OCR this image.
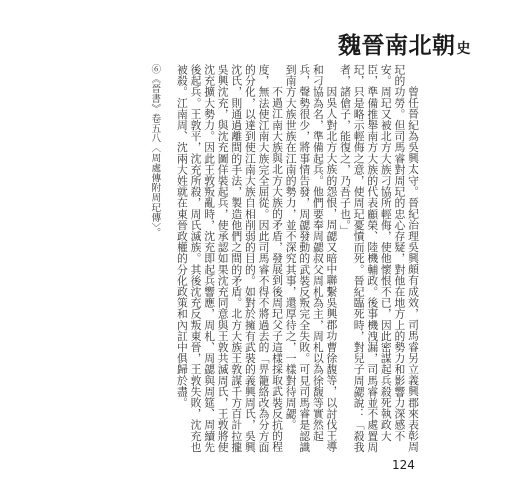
魏晉南北朝史

曾任晉紀為吳興太守。晉紀治理吳興頗有成效，司馬睿另立義興郡來表彰周玘的功勞。但司馬睿對周玘的忠心存疑，對他在地方上的勢力和影響力深感不安。周玘又被北方大族刁協所輕侮，使他懷恨不已，因此密謀起兵殺死執政大臣，準備推舉南方大族的代表顧榮、陸機輔政。後事機洩漏，司馬睿並不處置周玘，只是略示輕侮之意，使周玘憂憤而死。晉紀臨死時，對兒子周勰說：「殺我者，諸傖子，能復之，乃吾子也。」

因吳人對北方大族的怨恨，周勰又暗中聯繫吳興郡功曹徐馥等，以討伐王導和刁協為名，準備起兵。他們要奉周勰叔父周札為主，周札以為徐馥等實然起兵，聲勢很少，將事情告發，周勰發動的武裝反叛完全失敗。可見司馬睿是認識到南方大族世族在江南的勢力，並不深究其事，還厚待之，一樣對待周勰。

不過江南大族與北方大族的矛盾，發展到後周玘父子這樣採取武裝反抗的程度，無法使江南大族完全屈從。因此司馬睿不得不將過去的「畀籠絡改為分方面的分化，以達到使江南大族自相削弱的目的。如對於擁有武裝的義興周氏，吳興沈氏，則通過離間的手法，製造他們之間的矛盾。北方大族王敦謀千方百計拉攏吳興沈充，與沈充圖佯裝起兵，使承認如果沈充同意與王敦共滅周氏，王敦將使沈充擴大勢力。因此王敦叛亂時，沈充即起兵響應，周札、周勰與周筵、周續先後起兵。王敦平，沈充所殺，周氏滅族。其後沈充反叛東晉，王敦失敗，沈充也被殺。江南周、沈兩大姓就在東晉政權的分化政策和內訌中俱歸於盡。

⑥《晉書》卷五八〈周處傳附周玘傳〉。

124
